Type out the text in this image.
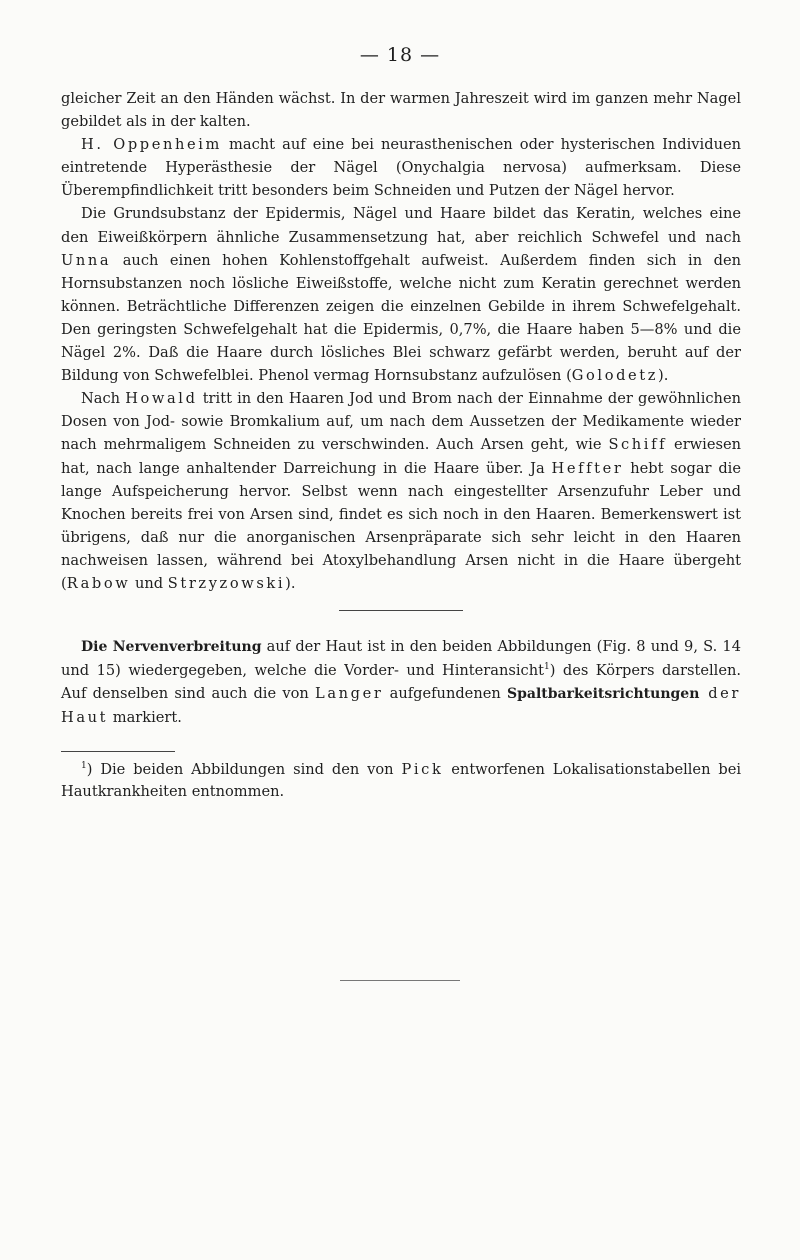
— 18 —

gleicher Zeit an den Händen wächst. In der warmen Jahreszeit wird im ganzen mehr Nagel gebildet als in der kalten.

H. Oppenheim macht auf eine bei neurasthenischen oder hysterischen Individuen eintretende Hyperästhesie der Nägel (Onychalgia nervosa) aufmerksam. Diese Überempfindlichkeit tritt besonders beim Schneiden und Putzen der Nägel hervor.

Die Grundsubstanz der Epidermis, Nägel und Haare bildet das Keratin, welches eine den Eiweißkörpern ähnliche Zusammensetzung hat, aber reichlich Schwefel und nach Unna auch einen hohen Kohlenstoffgehalt aufweist. Außerdem finden sich in den Hornsubstanzen noch lösliche Eiweißstoffe, welche nicht zum Keratin gerechnet werden können. Beträchtliche Differenzen zeigen die einzelnen Gebilde in ihrem Schwefelgehalt. Den geringsten Schwefelgehalt hat die Epidermis, 0,7%, die Haare haben 5—8% und die Nägel 2%. Daß die Haare durch lösliches Blei schwarz gefärbt werden, beruht auf der Bildung von Schwefelblei. Phenol vermag Hornsubstanz aufzulösen (Golodetz).

Nach Howald tritt in den Haaren Jod und Brom nach der Einnahme der gewöhnlichen Dosen von Jod- sowie Bromkalium auf, um nach dem Aussetzen der Medikamente wieder nach mehrmaligem Schneiden zu verschwinden. Auch Arsen geht, wie Schiff erwiesen hat, nach lange anhaltender Darreichung in die Haare über. Ja Heffter hebt sogar die lange Aufspeicherung hervor. Selbst wenn nach eingestellter Arsenzufuhr Leber und Knochen bereits frei von Arsen sind, findet es sich noch in den Haaren. Bemerkenswert ist übrigens, daß nur die anorganischen Arsenpräparate sich sehr leicht in den Haaren nachweisen lassen, während bei Atoxylbehandlung Arsen nicht in die Haare übergeht (Rabow und Strzyzowski).

Die Nervenverbreitung auf der Haut ist in den beiden Abbildungen (Fig. 8 und 9, S. 14 und 15) wiedergegeben, welche die Vorder- und Hinteransicht$^1$) des Körpers darstellen. Auf denselben sind auch die von Langer aufgefundenen Spaltbarkeitsrichtungen der Haut markiert.

$^1$) Die beiden Abbildungen sind den von Pick entworfenen Lokalisationstabellen bei Hautkrankheiten entnommen.
